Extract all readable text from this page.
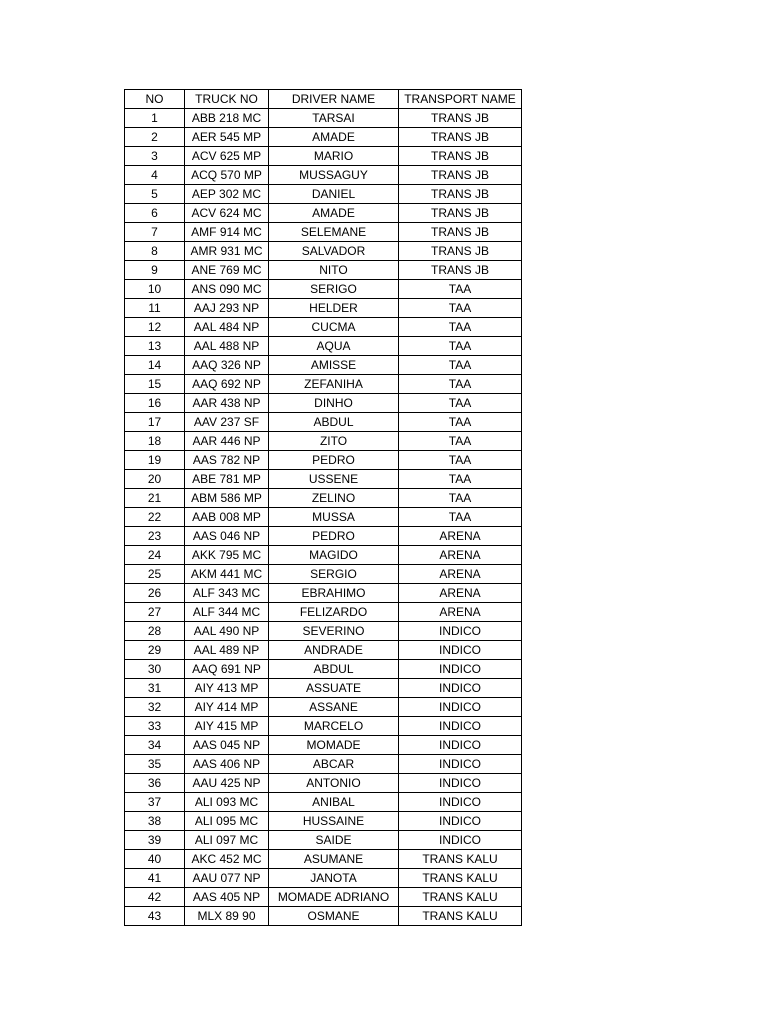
NO	TRUCK NO	DRIVER NAME	TRANSPORT NAME
1	ABB 218 MC	TARSAI	TRANS JB
2	AER 545 MP	AMADE	TRANS JB
3	ACV 625 MP	MARIO	TRANS JB
4	ACQ 570 MP	MUSSAGUY	TRANS JB
5	AEP 302 MC	DANIEL	TRANS JB
6	ACV 624 MC	AMADE	TRANS JB
7	AMF 914 MC	SELEMANE	TRANS JB
8	AMR 931 MC	SALVADOR	TRANS JB
9	ANE 769 MC	NITO	TRANS JB
10	ANS 090 MC	SERIGO	TAA
11	AAJ 293 NP	HELDER	TAA
12	AAL 484 NP	CUCMA	TAA
13	AAL 488 NP	AQUA	TAA
14	AAQ 326 NP	AMISSE	TAA
15	AAQ 692 NP	ZEFANIHA	TAA
16	AAR 438 NP	DINHO	TAA
17	AAV 237 SF	ABDUL	TAA
18	AAR 446 NP	ZITO	TAA
19	AAS 782 NP	PEDRO	TAA
20	ABE 781 MP	USSENE	TAA
21	ABM 586 MP	ZELINO	TAA
22	AAB 008 MP	MUSSA	TAA
23	AAS 046 NP	PEDRO	ARENA
24	AKK 795 MC	MAGIDO	ARENA
25	AKM 441 MC	SERGIO	ARENA
26	ALF 343 MC	EBRAHIMO	ARENA
27	ALF 344 MC	FELIZARDO	ARENA
28	AAL 490 NP	SEVERINO	INDICO
29	AAL 489 NP	ANDRADE	INDICO
30	AAQ 691 NP	ABDUL	INDICO
31	AIY 413 MP	ASSUATE	INDICO
32	AIY 414 MP	ASSANE	INDICO
33	AIY 415 MP	MARCELO	INDICO
34	AAS 045 NP	MOMADE	INDICO
35	AAS 406 NP	ABCAR	INDICO
36	AAU 425 NP	ANTONIO	INDICO
37	ALI 093 MC	ANIBAL	INDICO
38	ALI 095 MC	HUSSAINE	INDICO
39	ALI 097 MC	SAIDE	INDICO
40	AKC 452 MC	ASUMANE	TRANS KALU
41	AAU 077 NP	JANOTA	TRANS KALU
42	AAS 405 NP	MOMADE ADRIANO	TRANS KALU
43	MLX 89 90	OSMANE	TRANS KALU
